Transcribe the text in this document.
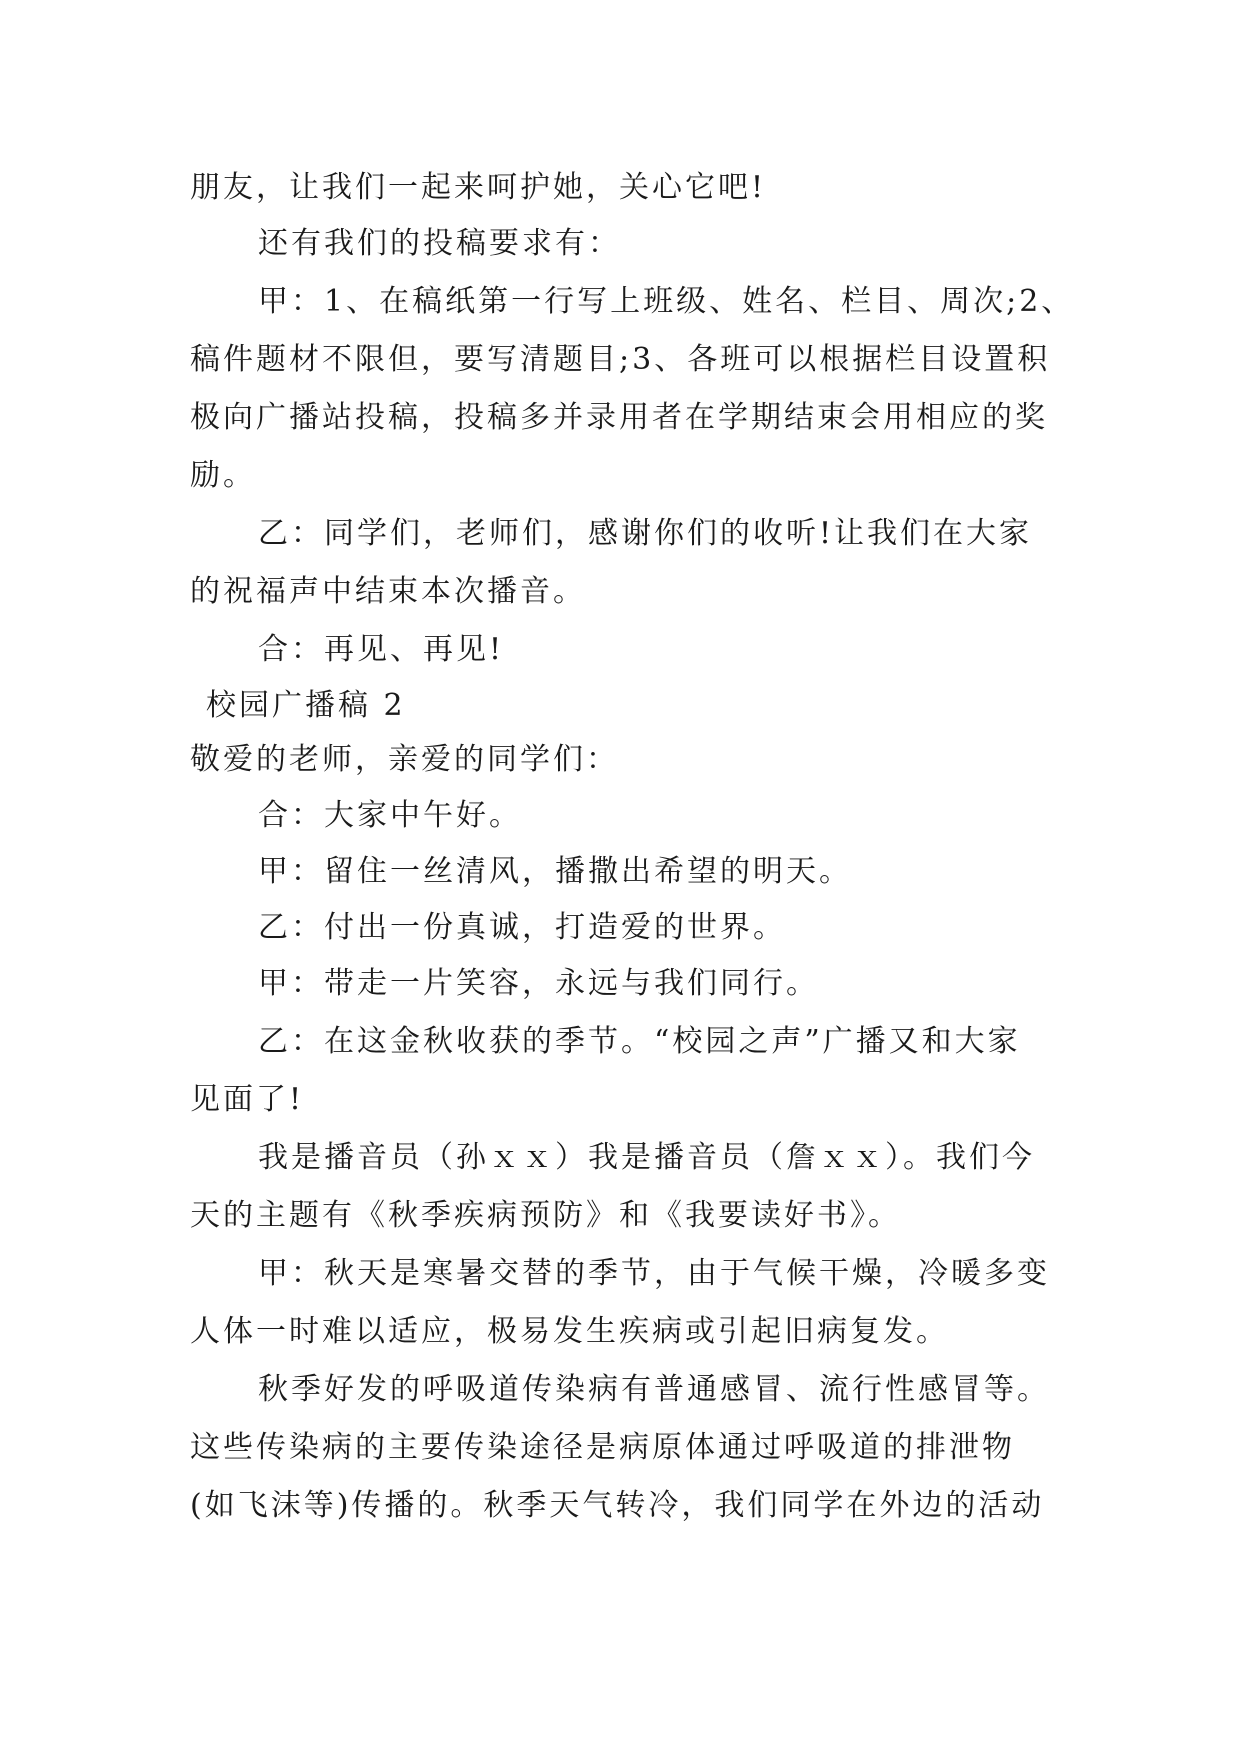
朋友，让我们一起来呵护她，关心它吧!
还有我们的投稿要求有：
甲：1、在稿纸第一行写上班级、姓名、栏目、周次;2、
稿件题材不限但，要写清题目;3、各班可以根据栏目设置积
极向广播站投稿，投稿多并录用者在学期结束会用相应的奖
励。
乙：同学们，老师们，感谢你们的收听!让我们在大家
的祝福声中结束本次播音。
合：再见、再见!
校园广播稿 2
敬爱的老师，亲爱的同学们：
合：大家中午好。
甲：留住一丝清风，播撒出希望的明天。
乙：付出一份真诚，打造爱的世界。
甲：带走一片笑容，永远与我们同行。
乙：在这金秋收获的季节。“校园之声”广播又和大家
见面了!
我是播音员（孙ｘｘ）我是播音员（詹ｘｘ）。我们今
天的主题有《秋季疾病预防》和《我要读好书》。
甲：秋天是寒暑交替的季节，由于气候干燥，冷暖多变
人体一时难以适应，极易发生疾病或引起旧病复发。
秋季好发的呼吸道传染病有普通感冒、流行性感冒等。
这些传染病的主要传染途径是病原体通过呼吸道的排泄物
(如飞沫等)传播的。秋季天气转冷，我们同学在外边的活动
